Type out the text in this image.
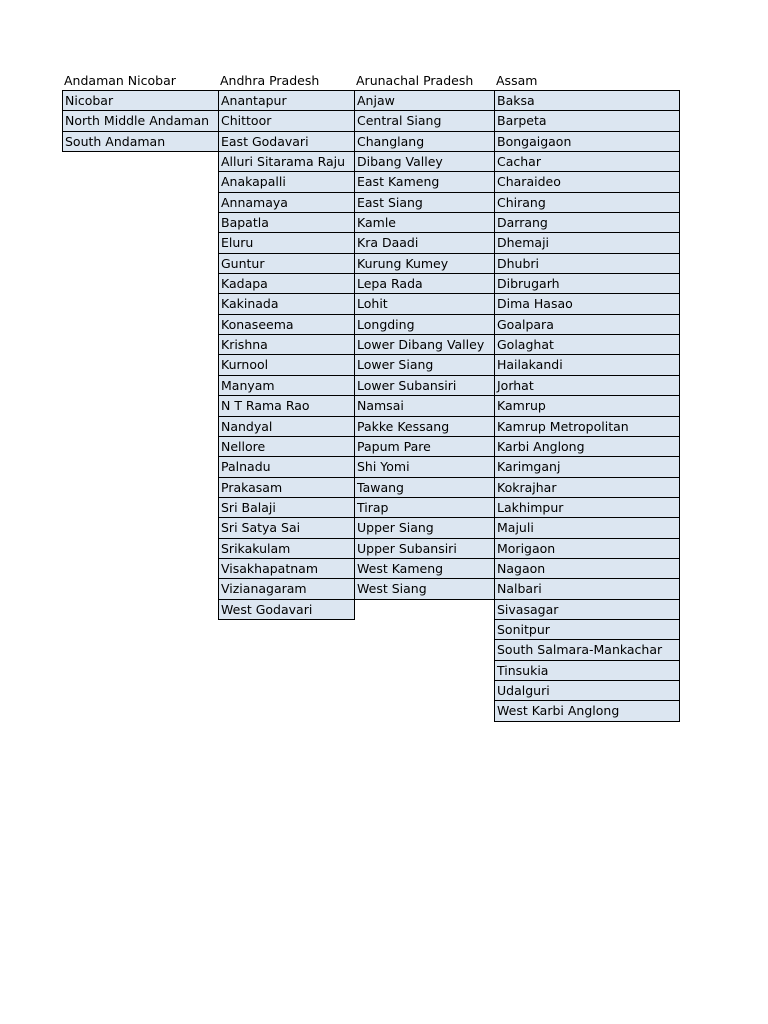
Andaman Nicobar
Nicobar
North Middle Andaman
South Andaman
Andhra Pradesh
Anantapur
Chittoor
East Godavari
Alluri Sitarama Raju
Anakapalli
Annamaya
Bapatla
Eluru
Guntur
Kadapa
Kakinada
Konaseema
Krishna
Kurnool
Manyam
N T Rama Rao
Nandyal
Nellore
Palnadu
Prakasam
Sri Balaji
Sri Satya Sai
Srikakulam
Visakhapatnam
Vizianagaram
West Godavari
Arunachal Pradesh
Anjaw
Central Siang
Changlang
Dibang Valley
East Kameng
East Siang
Kamle
Kra Daadi
Kurung Kumey
Lepa Rada
Lohit
Longding
Lower Dibang Valley
Lower Siang
Lower Subansiri
Namsai
Pakke Kessang
Papum Pare
Shi Yomi
Tawang
Tirap
Upper Siang
Upper Subansiri
West Kameng
West Siang
Assam
Baksa
Barpeta
Bongaigaon
Cachar
Charaideo
Chirang
Darrang
Dhemaji
Dhubri
Dibrugarh
Dima Hasao
Goalpara
Golaghat
Hailakandi
Jorhat
Kamrup
Kamrup Metropolitan
Karbi Anglong
Karimganj
Kokrajhar
Lakhimpur
Majuli
Morigaon
Nagaon
Nalbari
Sivasagar
Sonitpur
South Salmara-Mankachar
Tinsukia
Udalguri
West Karbi Anglong
